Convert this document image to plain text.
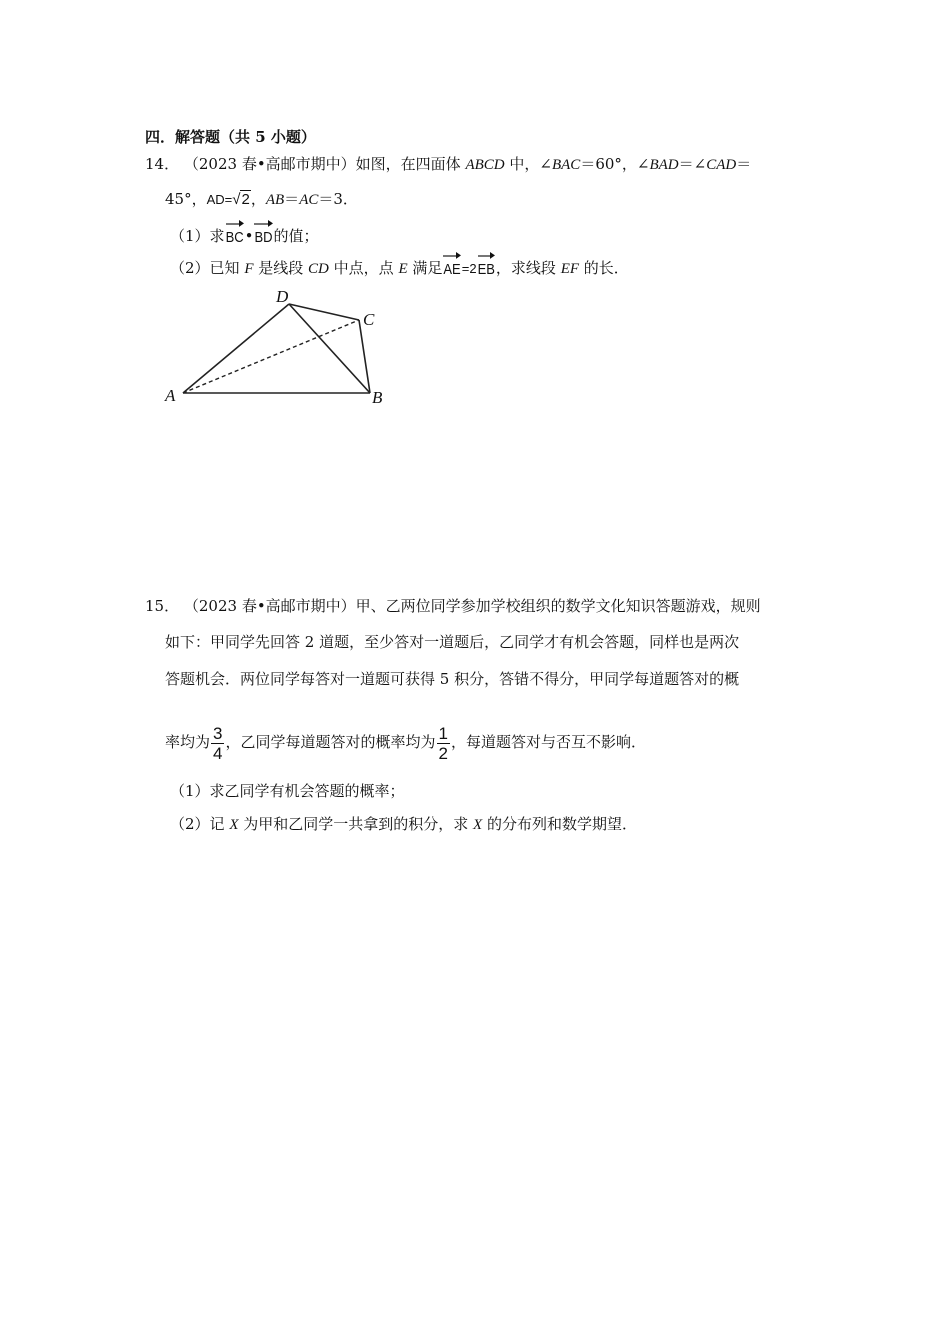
四．解答题（共 5 小题）
14． （2023 春•高邮市期中）如图，在四面体 ABCD 中，∠BAC＝60°，∠BAD＝∠CAD＝
45°，AD=√2，AB＝AC＝3．
（1）求BC•BD的值；
（2）已知 F 是线段 CD 中点，点 E 满足AE=2EB，求线段 EF 的长．
A	B
C
D
15． （2023 春•高邮市期中）甲、乙两位同学参加学校组织的数学文化知识答题游戏，规则
如下：甲同学先回答 2 道题，至少答对一道题后，乙同学才有机会答题，同样也是两次
答题机会．两位同学每答对一道题可获得 5 积分，答错不得分，甲同学每道题答对的概
率均为 $\frac{3}{4}$ ，乙同学每道题答对的概率均为 $\frac{1}{2}$ ，每道题答对与否互不影响．
（1）求乙同学有机会答题的概率；
（2）记 X 为甲和乙同学一共拿到的积分，求 X 的分布列和数学期望．
